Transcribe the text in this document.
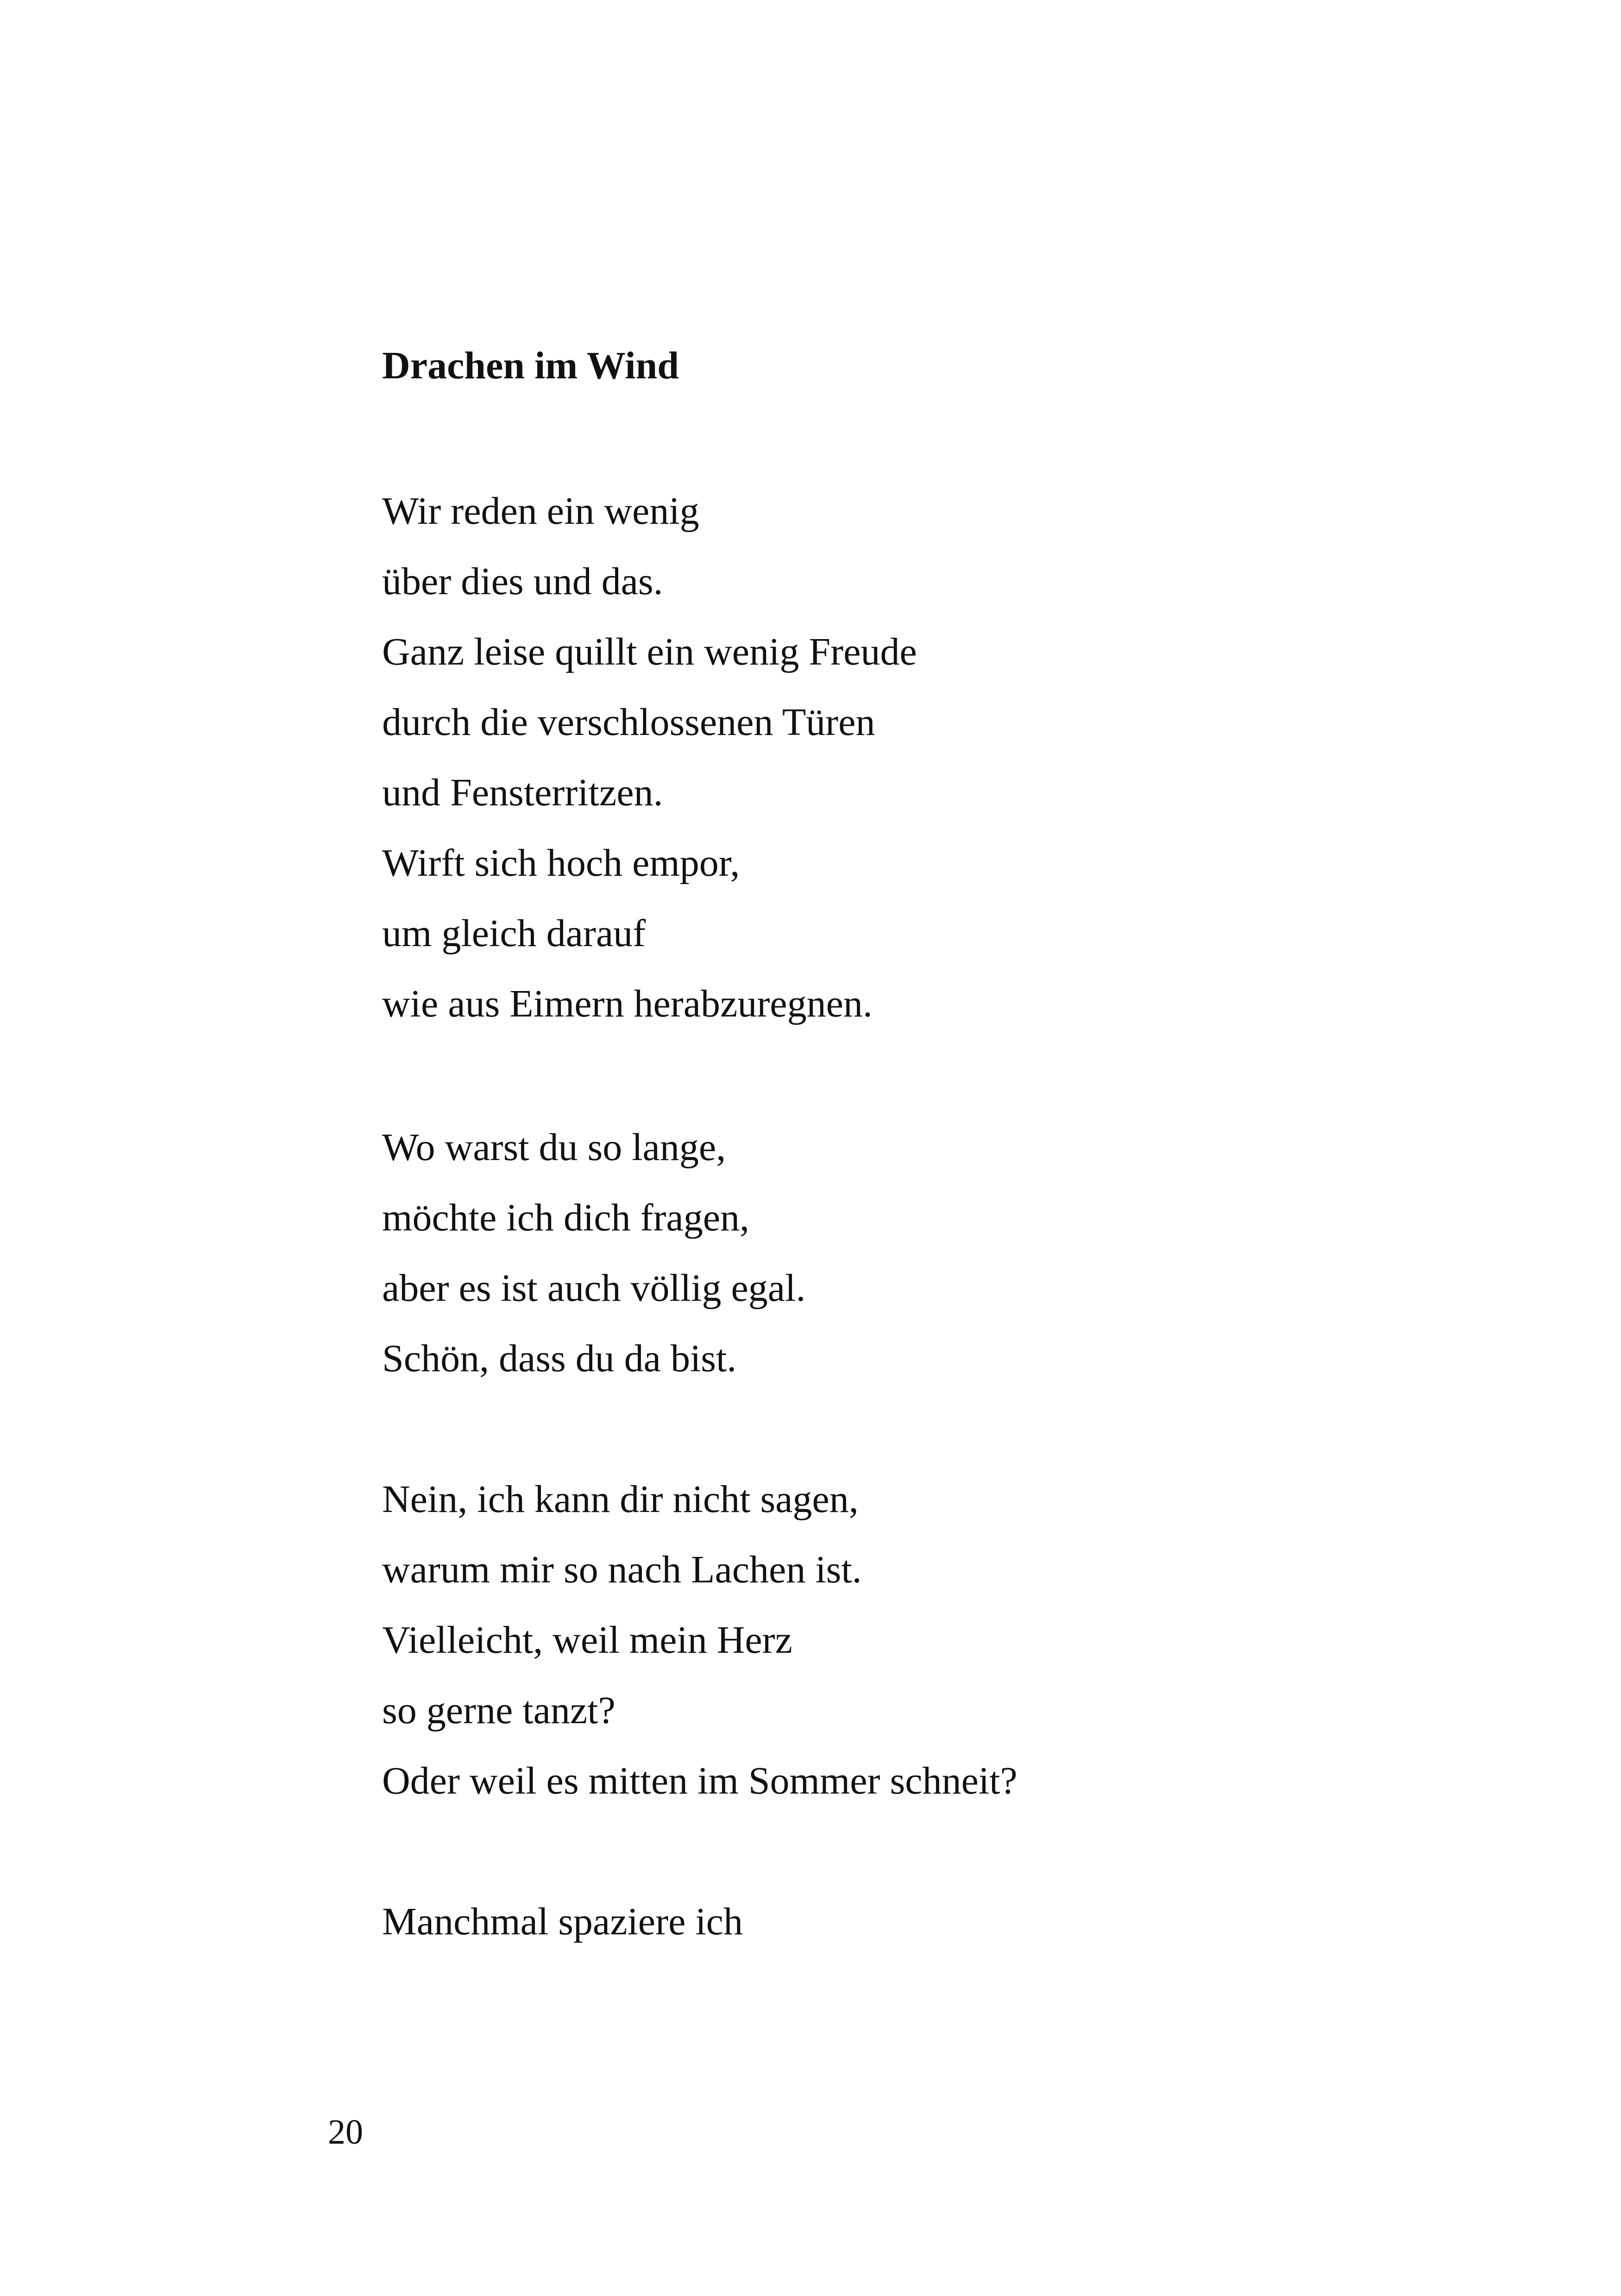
Drachen im Wind
Wir reden ein wenig
über dies und das.
Ganz leise quillt ein wenig Freude
durch die verschlossenen Türen
und Fensterritzen.
Wirft sich hoch empor,
um gleich darauf
wie aus Eimern herabzuregnen.
Wo warst du so lange,
möchte ich dich fragen,
aber es ist auch völlig egal.
Schön, dass du da bist.
Nein, ich kann dir nicht sagen,
warum mir so nach Lachen ist.
Vielleicht, weil mein Herz
so gerne tanzt?
Oder weil es mitten im Sommer schneit?
Manchmal spaziere ich
20
